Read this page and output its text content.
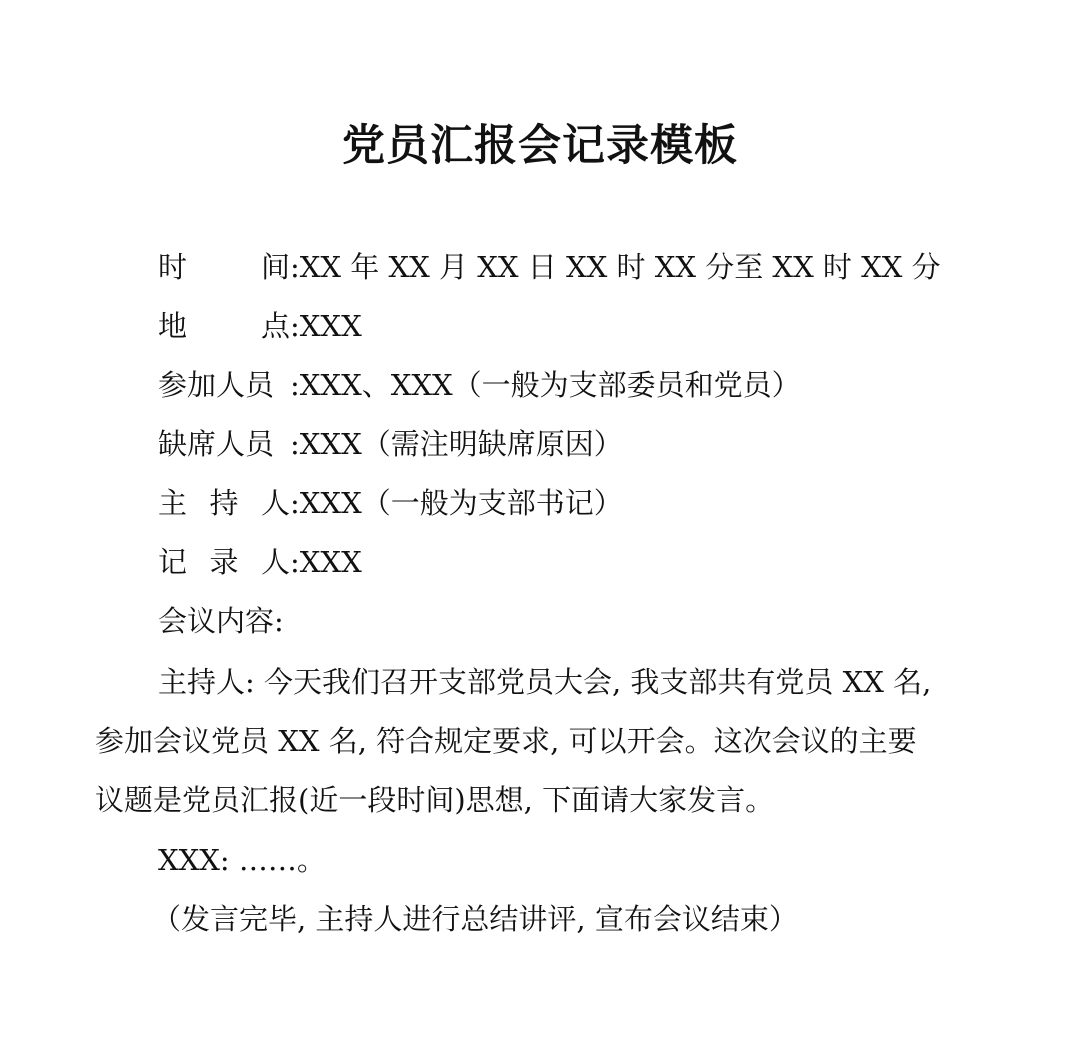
党员汇报会记录模板
时	间 :XX 年 XX 月 XX 日 XX 时 XX 分至 XX 时 XX 分
地	点 :XXX
参加人员 :XXX、XXX（一般为支部委员和党员）
缺席人员 :XXX（需注明缺席原因）
主 持 人 :XXX（一般为支部书记）
记 录 人 :XXX
会议内容:
主持人: 今天我们召开支部党员大会, 我支部共有党员 XX 名,
参加会议党员 XX 名, 符合规定要求, 可以开会。这次会议的主要
议题是党员汇报(近一段时间)思想, 下面请大家发言。
XXX: ……。
（发言完毕, 主持人进行总结讲评, 宣布会议结束）
